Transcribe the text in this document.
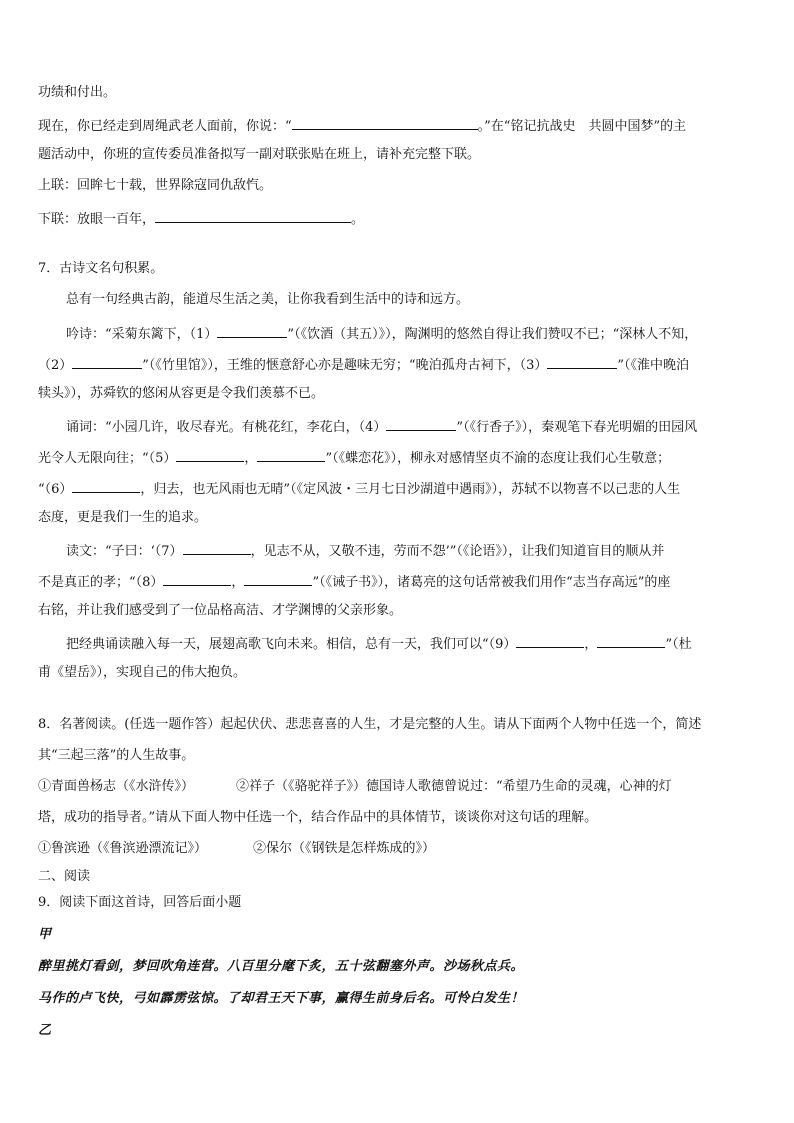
功绩和付出。
现在，你已经走到周绳武老人面前，你说：“	。”在“铭记抗战史　共圆中国梦”的主
题活动中，你班的宣传委员准备拟写一副对联张贴在班上，请补充完整下联。
上联：回眸七十载，世界除寇同仇敌忾。
下联：放眼一百年，	。
7．古诗文名句积累。
总有一句经典古韵，能道尽生活之美，让你我看到生活中的诗和远方。
吟诗：“采菊东篱下，（1）	”（《饮酒（其五）》），陶渊明的悠然自得让我们赞叹不已；“深林人不知，
（2）	”（《竹里馆》），王维的惬意舒心亦是趣味无穷；“晚泊孤舟古祠下，（3）	”（《淮中晚泊
犊头》），苏舜钦的悠闲从容更是令我们羡慕不已。
诵词：“小园几许，收尽春光。有桃花红，李花白，（4）	”（《行香子》），秦观笔下春光明媚的田园风
光令人无限向往；“（5）	，	”（《蝶恋花》），柳永对感情坚贞不渝的态度让我们心生敬意；
“（6）	，归去，也无风雨也无晴”（《定风波・三月七日沙湖道中遇雨》），苏轼不以物喜不以己悲的人生
态度，更是我们一生的追求。
读文：“子曰：‘（7）	，见志不从，又敬不违，劳而不怨’”（《论语》），让我们知道盲目的顺从并
不是真正的孝；“（8）	，	”（《诫子书》），诸葛亮的这句话常被我们用作“志当存高远”的座
右铭，并让我们感受到了一位品格高洁、才学渊博的父亲形象。
把经典诵读融入每一天，展翅高歌飞向未来。相信，总有一天，我们可以“（9）	，	”（杜
甫《望岳》），实现自己的伟大抱负。
8．名著阅读。(任选一题作答）起起伏伏、悲悲喜喜的人生，才是完整的人生。请从下面两个人物中任选一个，简述
其“三起三落”的人生故事。
①青面兽杨志（《水浒传》）	②祥子（《骆驼祥子》）德国诗人歌德曾说过：“希望乃生命的灵魂，心神的灯
塔，成功的指导者。”请从下面人物中任选一个，结合作品中的具体情节，谈谈你对这句话的理解。
①鲁滨逊（《鲁滨逊漂流记》）	②保尔（《钢铁是怎样炼成的》）
二、阅读
9．阅读下面这首诗，回答后面小题
甲
醉里挑灯看剑，梦回吹角连营。八百里分麾下炙，五十弦翻塞外声。沙场秋点兵。
马作的卢飞快，弓如霹雳弦惊。了却君王天下事，赢得生前身后名。可怜白发生！
乙
